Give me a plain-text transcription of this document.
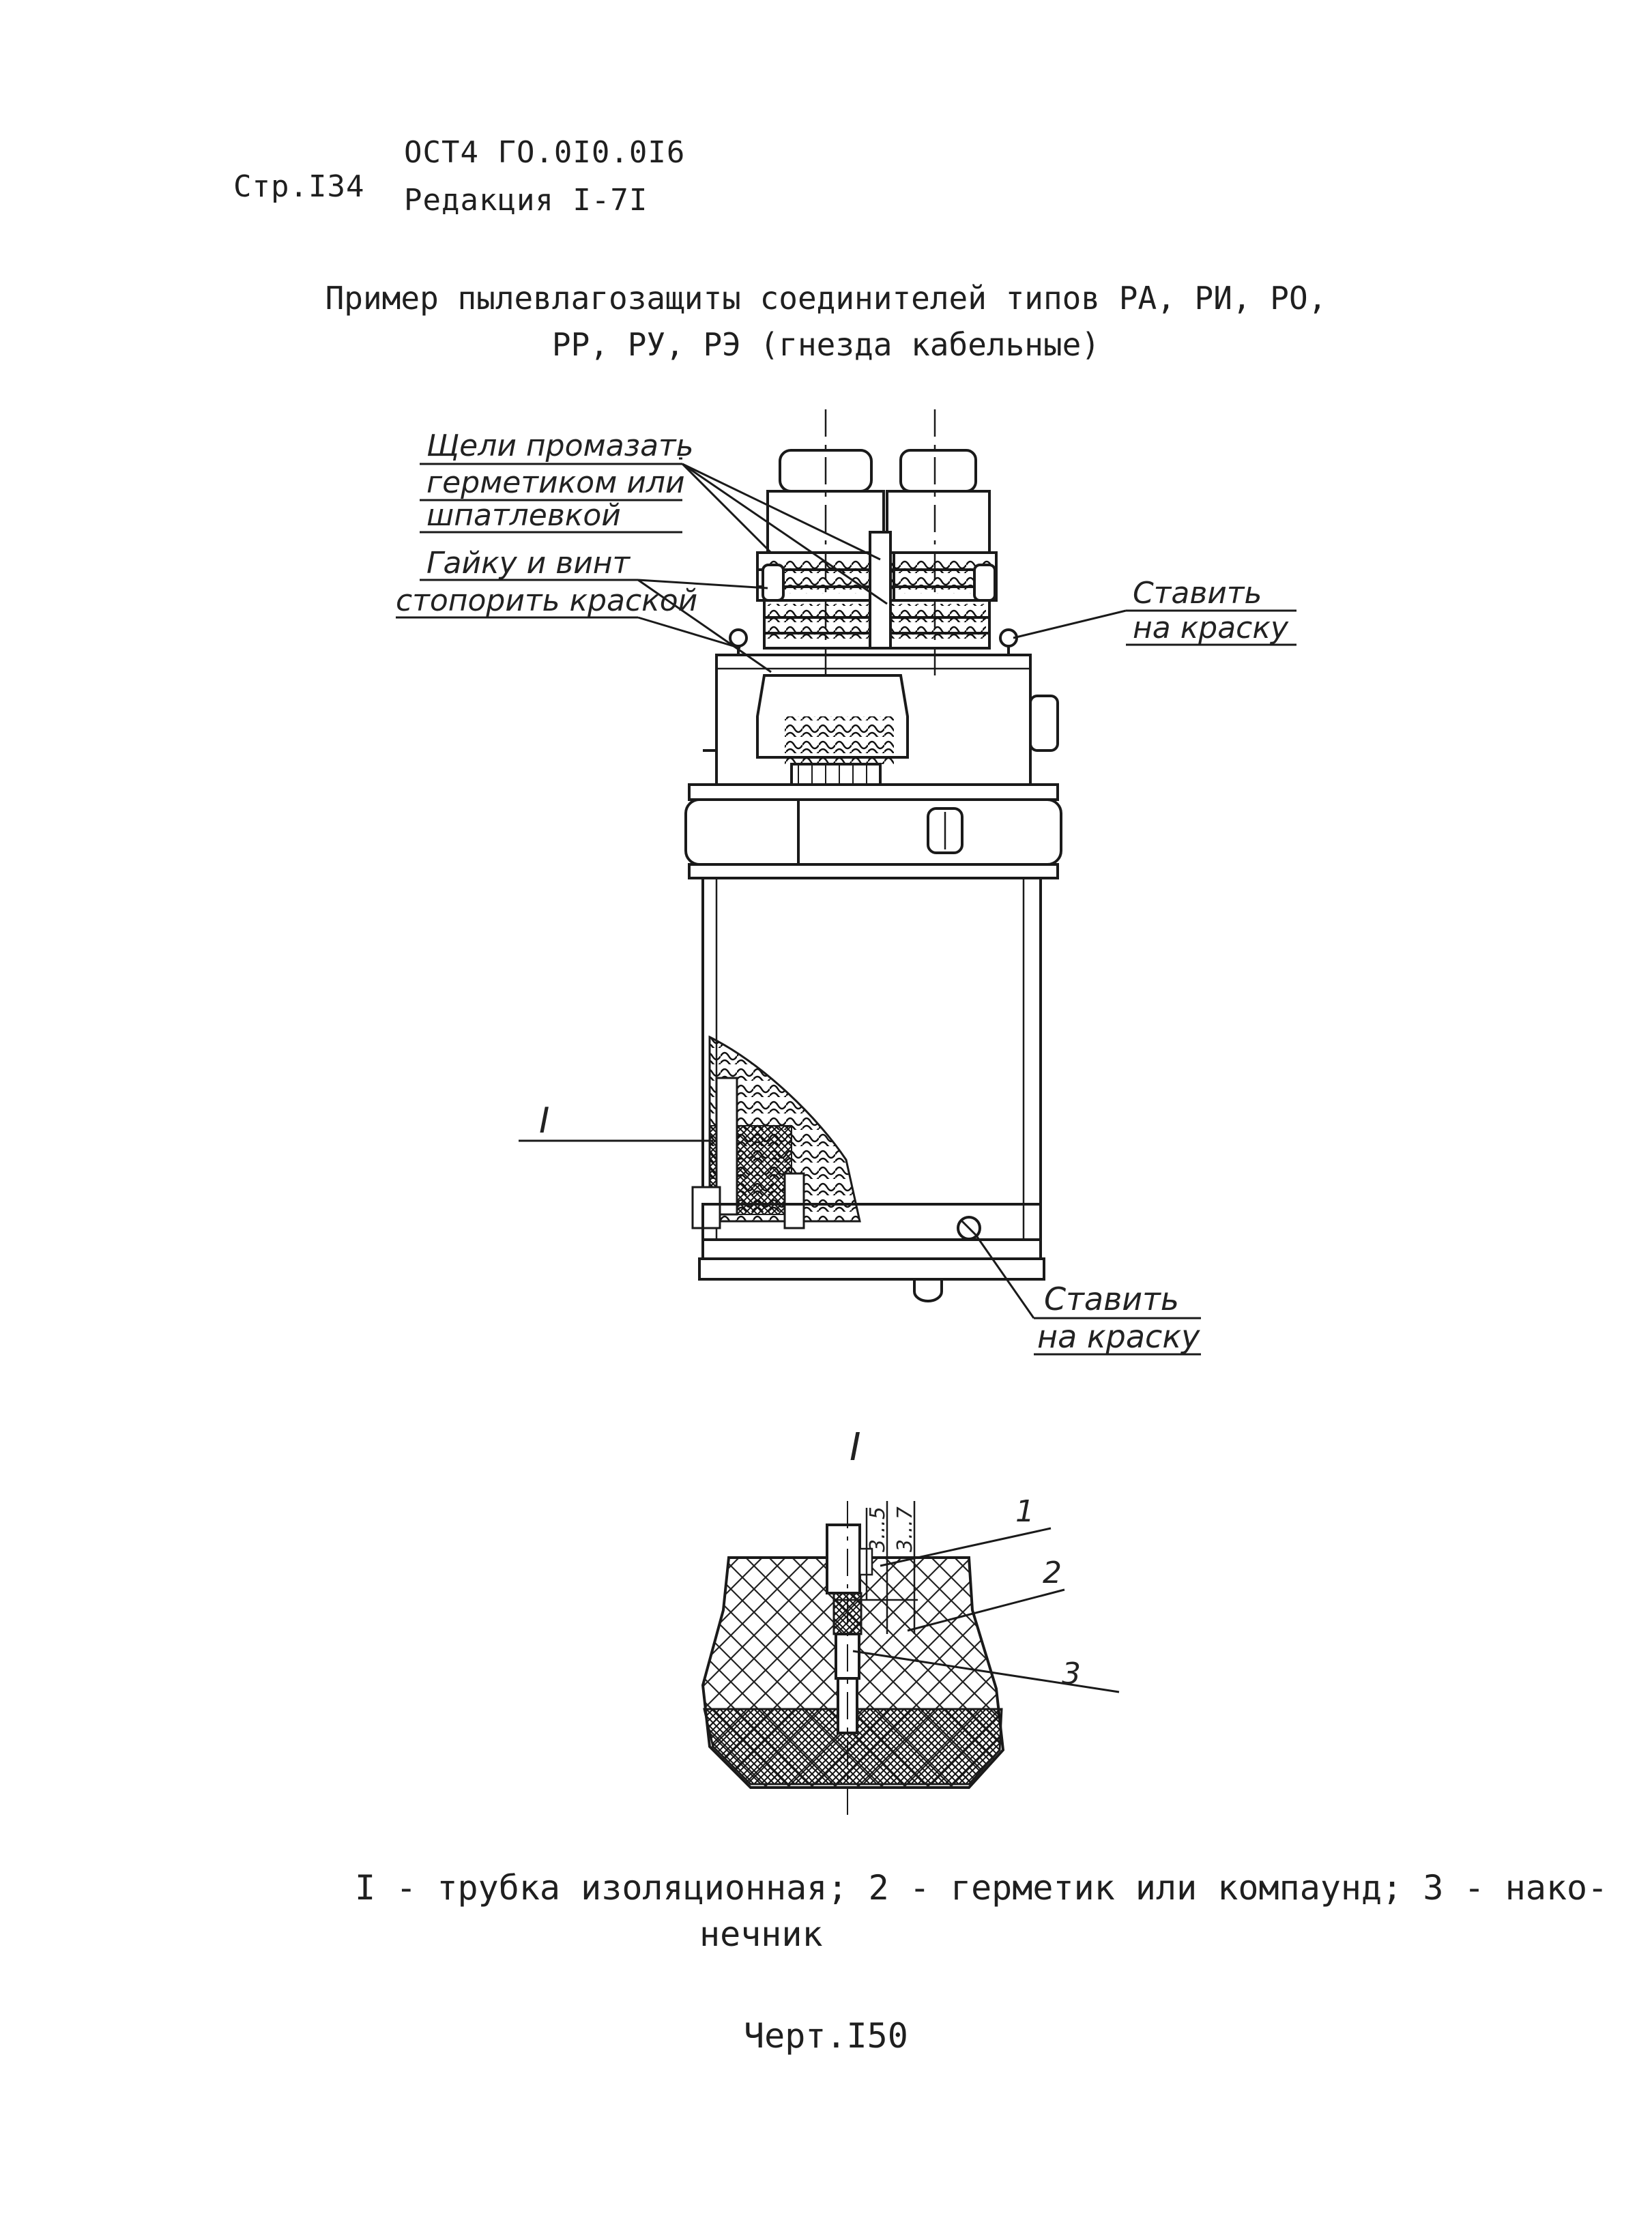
Стр.I34
ОСТ4 ГО.0I0.0I6
Редакция I-7I
Пример пылевлагозащиты соединителей типов РА, РИ, РО,
РР, РУ, РЭ (гнезда кабельные)
Щели промазать
герметиком или
шпатлевкой
Гайку и винт
стопорить краской	Ставить
на краску
I
Ставить
на краску
I
3...5 3...7	1
2
3
I - трубка изоляционная; 2 - герметик или компаунд; 3 - нако-
нечник
Черт.I50
